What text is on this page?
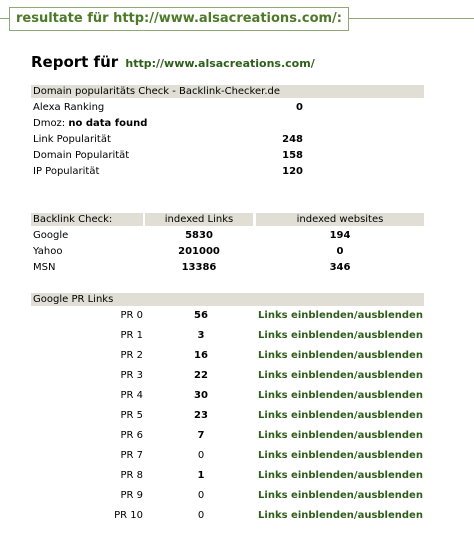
resultate für http://www.alsacreations.com/:
Report für http://www.alsacreations.com/
Domain popularitäts Check - Backlink-Checker.de
Alexa Ranking	0
Dmoz: no data found
Link Popularität	248
Domain Popularität	158
IP Popularität	120
Backlink Check:	indexed Links	indexed websites
Google	5830	194
Yahoo	201000	0
MSN	13386	346
Google PR Links
PR 0	56	Links einblenden/ausblenden
PR 1	3	Links einblenden/ausblenden
PR 2	16	Links einblenden/ausblenden
PR 3	22	Links einblenden/ausblenden
PR 4	30	Links einblenden/ausblenden
PR 5	23	Links einblenden/ausblenden
PR 6	7	Links einblenden/ausblenden
PR 7	0	Links einblenden/ausblenden
PR 8	1	Links einblenden/ausblenden
PR 9	0	Links einblenden/ausblenden
PR 10	0	Links einblenden/ausblenden
